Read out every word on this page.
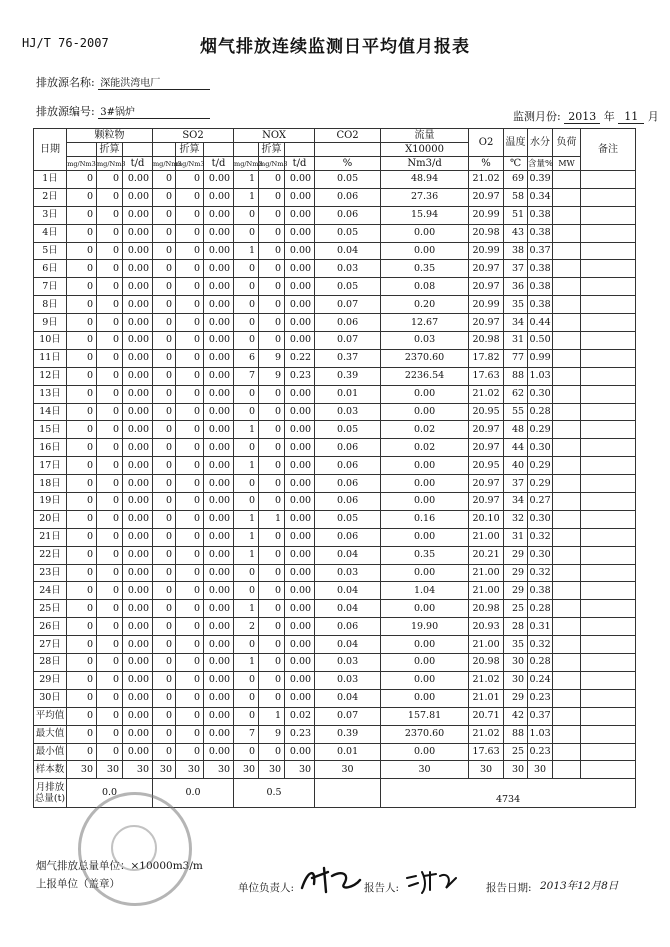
HJ/T 76-2007	烟气排放连续监测日平均值月报表
排放源名称: 深能洪湾电厂
排放源编号: 3#锅炉	监测月份: 2013 年 11 月
日期	颗粒物			SO2			NOX			CO2	流量	O2	温度	水分	负荷	备注
		折算			折算			折算			X10000					
	mg/Nm3	mg/Nm3	t/d	mg/Nm3	mg/Nm3	t/d	mg/Nm3	mg/Nm3	t/d	%	Nm3/d	%	℃	含量%	MW	
1日	0	0	0.00	0	0	0.00	1	0	0.00	0.05	48.94	21.02	69	0.39		
2日	0	0	0.00	0	0	0.00	1	0	0.00	0.06	27.36	20.97	58	0.34		
3日	0	0	0.00	0	0	0.00	0	0	0.00	0.06	15.94	20.99	51	0.38		
4日	0	0	0.00	0	0	0.00	0	0	0.00	0.05	0.00	20.98	43	0.38		
5日	0	0	0.00	0	0	0.00	1	0	0.00	0.04	0.00	20.99	38	0.37		
6日	0	0	0.00	0	0	0.00	0	0	0.00	0.03	0.35	20.97	37	0.38		
7日	0	0	0.00	0	0	0.00	0	0	0.00	0.05	0.08	20.97	36	0.38		
8日	0	0	0.00	0	0	0.00	0	0	0.00	0.07	0.20	20.99	35	0.38		
9日	0	0	0.00	0	0	0.00	0	0	0.00	0.06	12.67	20.97	34	0.44		
10日	0	0	0.00	0	0	0.00	0	0	0.00	0.07	0.03	20.98	31	0.50		
11日	0	0	0.00	0	0	0.00	6	9	0.22	0.37	2370.60	17.82	77	0.99		
12日	0	0	0.00	0	0	0.00	7	9	0.23	0.39	2236.54	17.63	88	1.03		
13日	0	0	0.00	0	0	0.00	0	0	0.00	0.01	0.00	21.02	62	0.30		
14日	0	0	0.00	0	0	0.00	0	0	0.00	0.03	0.00	20.95	55	0.28		
15日	0	0	0.00	0	0	0.00	1	0	0.00	0.05	0.02	20.97	48	0.29		
16日	0	0	0.00	0	0	0.00	0	0	0.00	0.06	0.02	20.97	44	0.30		
17日	0	0	0.00	0	0	0.00	1	0	0.00	0.06	0.00	20.95	40	0.29		
18日	0	0	0.00	0	0	0.00	0	0	0.00	0.06	0.00	20.97	37	0.29		
19日	0	0	0.00	0	0	0.00	0	0	0.00	0.06	0.00	20.97	34	0.27		
20日	0	0	0.00	0	0	0.00	1	1	0.00	0.05	0.16	20.10	32	0.30		
21日	0	0	0.00	0	0	0.00	1	0	0.00	0.06	0.00	21.00	31	0.32		
22日	0	0	0.00	0	0	0.00	1	0	0.00	0.04	0.35	20.21	29	0.30		
23日	0	0	0.00	0	0	0.00	0	0	0.00	0.03	0.00	21.00	29	0.32		
24日	0	0	0.00	0	0	0.00	0	0	0.00	0.04	1.04	21.00	29	0.38		
25日	0	0	0.00	0	0	0.00	1	0	0.00	0.04	0.00	20.98	25	0.28		
26日	0	0	0.00	0	0	0.00	2	0	0.00	0.06	19.90	20.93	28	0.31		
27日	0	0	0.00	0	0	0.00	0	0	0.00	0.04	0.00	21.00	35	0.32		
28日	0	0	0.00	0	0	0.00	1	0	0.00	0.03	0.00	20.98	30	0.28		
29日	0	0	0.00	0	0	0.00	0	0	0.00	0.03	0.00	21.02	30	0.24		
30日	0	0	0.00	0	0	0.00	0	0	0.00	0.04	0.00	21.01	29	0.23		
平均值	0	0	0.00	0	0	0.00	0	1	0.02	0.07	157.81	20.71	42	0.37		
最大值	0	0	0.00	0	0	0.00	7	9	0.23	0.39	2370.60	21.02	88	1.03		
最小值	0	0	0.00	0	0	0.00	0	0	0.00	0.01	0.00	17.63	25	0.23		
样本数	30	30	30	30	30	30	30	30	30	30	30	30	30	30		

月排放
总量(t)	0.0			0.0			0.5				4734					
烟气排放总量单位：×10000m3/m
上报单位（盖章）	单位负责人:	报告人:	报告日期: 2013年12月8日
